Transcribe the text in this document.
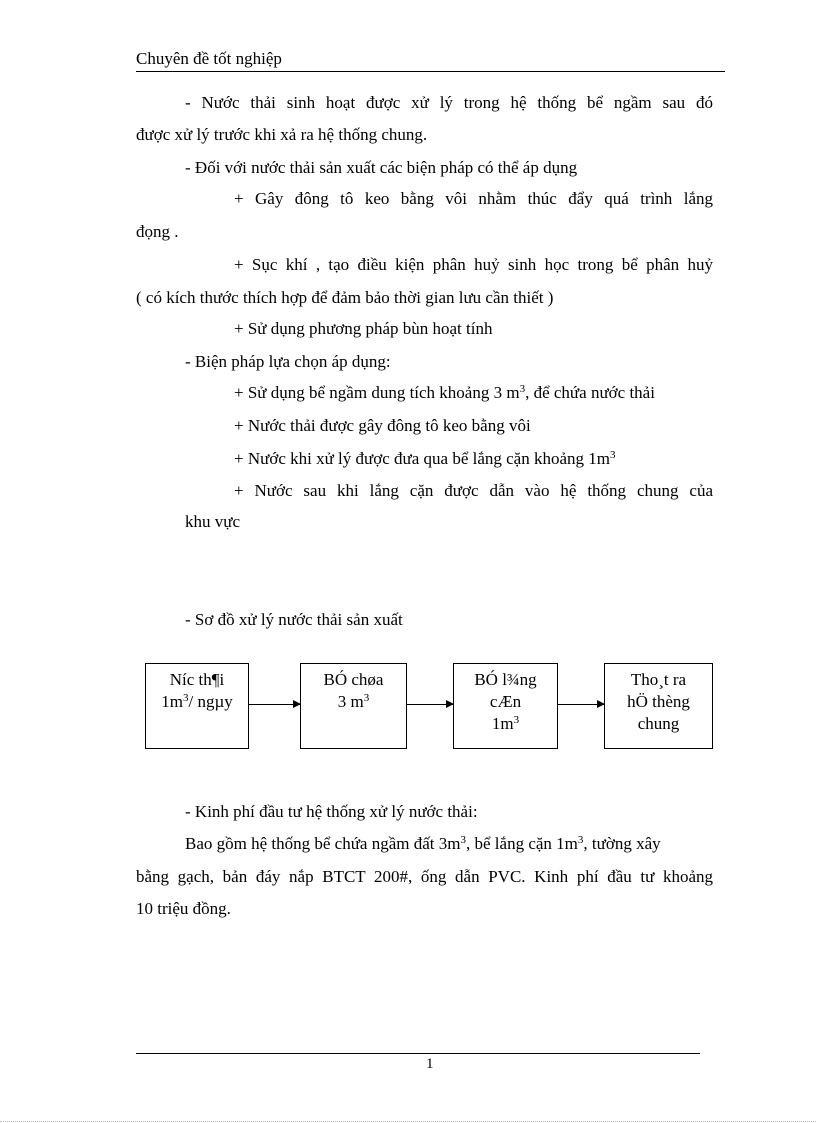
Chuyên đề tốt nghiệp
- Nước thải sinh hoạt được xử lý trong hệ thống bể ngầm sau đó
được xử lý trước khi xả ra hệ thống chung.
- Đối với nước thải sản xuất các biện pháp có thể áp dụng
+ Gây đông tô keo bằng vôi nhằm thúc đẩy quá trình lắng
đọng .
+ Sục khí , tạo điều kiện phân huỷ sinh học trong bể phân huỷ
( có kích thước thích hợp để đảm bảo thời gian lưu cần thiết )
+ Sử dụng phương pháp bùn hoạt tính
- Biện pháp lựa chọn áp dụng:
+ Sử dụng bể ngầm dung tích khoảng 3 $m^3$, để chứa nước thải
+ Nước thải được gây đông tô keo bằng vôi
+ Nước khi xử lý được đưa qua bể lắng cặn khoảng $1m^3$
+ Nước sau khi lắng cặn được dẫn vào hệ thống chung của
khu vực
- Sơ đồ xử lý nước thải sản xuất
Níc th¶i
$1m^3/$ ngµy
BÓ chøa
3 $m^3$
BÓ l¾ng
cÆn
$1m^3$
Tho¸t ra
hÖ thèng
chung
- Kinh phí đầu tư hệ thống xử lý nước thải:
Bao gồm hệ thống bể chứa ngầm đất $3m^3$, bể lắng cặn $1m^3$, tường xây
bằng gạch, bản đáy nắp BTCT 200#, ống dẫn PVC. Kinh phí đầu tư khoảng
10 triệu đồng.
1
